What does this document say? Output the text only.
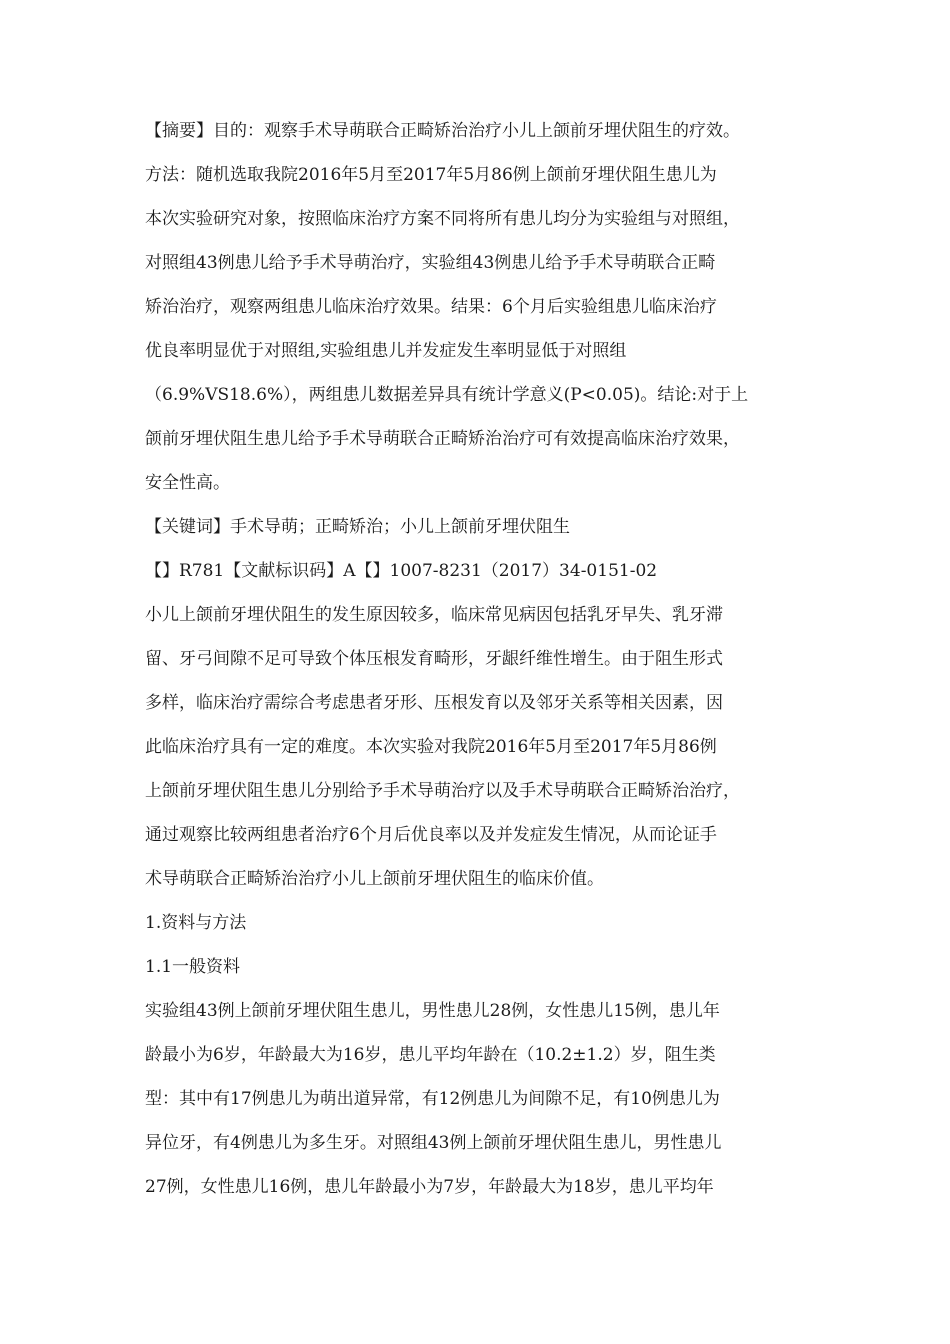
【摘要】目的：观察手术导萌联合正畸矫治治疗小儿上颌前牙埋伏阻生的疗效。
方法：随机选取我院2016年5月至2017年5月86例上颌前牙埋伏阻生患儿为
本次实验研究对象，按照临床治疗方案不同将所有患儿均分为实验组与对照组，
对照组43例患儿给予手术导萌治疗，实验组43例患儿给予手术导萌联合正畸
矫治治疗，观察两组患儿临床治疗效果。结果：6个月后实验组患儿临床治疗
优良率明显优于对照组,实验组患儿并发症发生率明显低于对照组
（6.9%VS18.6%），两组患儿数据差异具有统计学意义(P<0.05)。结论:对于上
颌前牙埋伏阻生患儿给予手术导萌联合正畸矫治治疗可有效提高临床治疗效果，
安全性高。
【关键词】手术导萌；正畸矫治；小儿上颌前牙埋伏阻生
【】R781【文献标识码】A【】1007-8231（2017）34-0151-02
小儿上颌前牙埋伏阻生的发生原因较多，临床常见病因包括乳牙早失、乳牙滞
留、牙弓间隙不足可导致个体压根发育畸形，牙龈纤维性增生。由于阻生形式
多样，临床治疗需综合考虑患者牙形、压根发育以及邻牙关系等相关因素，因
此临床治疗具有一定的难度。本次实验对我院2016年5月至2017年5月86例
上颌前牙埋伏阻生患儿分别给予手术导萌治疗以及手术导萌联合正畸矫治治疗，
通过观察比较两组患者治疗6个月后优良率以及并发症发生情况，从而论证手
术导萌联合正畸矫治治疗小儿上颌前牙埋伏阻生的临床价值。
1.资料与方法
1.1一般资料
实验组43例上颌前牙埋伏阻生患儿，男性患儿28例，女性患儿15例，患儿年
龄最小为6岁，年龄最大为16岁，患儿平均年龄在（10.2±1.2）岁，阻生类
型：其中有17例患儿为萌出道异常，有12例患儿为间隙不足，有10例患儿为
异位牙，有4例患儿为多生牙。对照组43例上颌前牙埋伏阻生患儿，男性患儿
27例，女性患儿16例，患儿年龄最小为7岁，年龄最大为18岁，患儿平均年
